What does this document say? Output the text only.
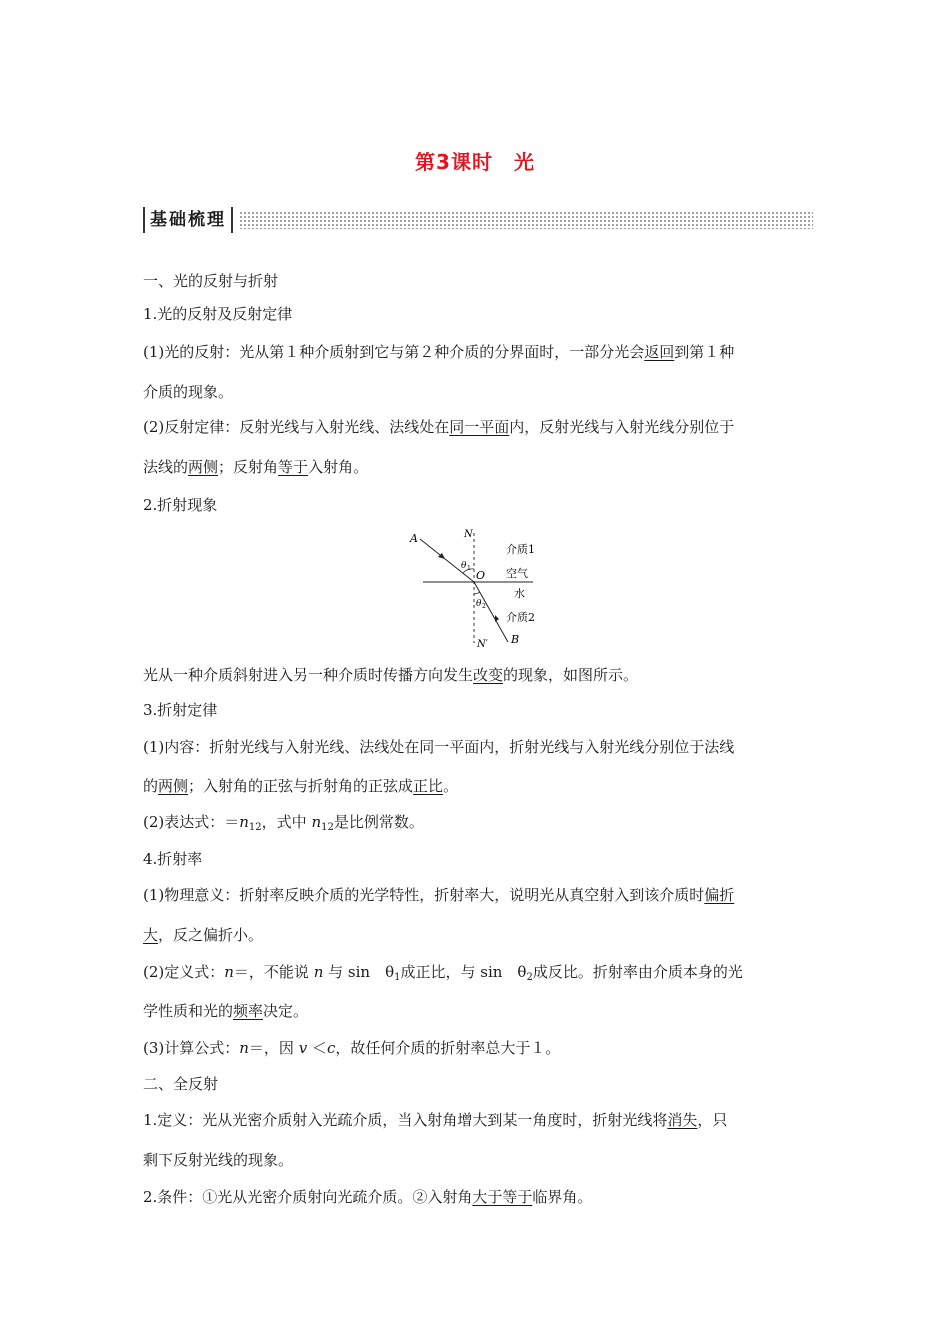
第3课时　光
基础梳理
一、光的反射与折射
1.光的反射及反射定律
(1)光的反射：光从第１种介质射到它与第２种介质的分界面时，一部分光会返回到第１种
介质的现象。
(2)反射定律：反射光线与入射光线、法线处在同一平面内，反射光线与入射光线分别位于
法线的两侧；反射角等于入射角。
2.折射现象
A	N
θ 1
O
介质1
空气
水
θ 2
介质2
N′ B
光从一种介质斜射进入另一种介质时传播方向发生改变的现象，如图所示。
3.折射定律
(1)内容：折射光线与入射光线、法线处在同一平面内，折射光线与入射光线分别位于法线
的两侧；入射角的正弦与折射角的正弦成正比。
(2)表达式：$=n_{12}$，式中 $n_{12}$是比例常数。
4.折射率
(1)物理意义：折射率反映介质的光学特性，折射率大，说明光从真空射入到该介质时偏折
大，反之偏折小。
(2)定义式：n＝，不能说 n 与 sin　$\theta_1$成正比，与 sin　$\theta_2$成反比。折射率由介质本身的光
学性质和光的频率决定。
(3)计算公式：n＝，因 v ＜c，故任何介质的折射率总大于１。
二、全反射
1.定义：光从光密介质射入光疏介质，当入射角增大到某一角度时，折射光线将消失，只
剩下反射光线的现象。
2.条件：①光从光密介质射向光疏介质。②入射角大于等于临界角。
